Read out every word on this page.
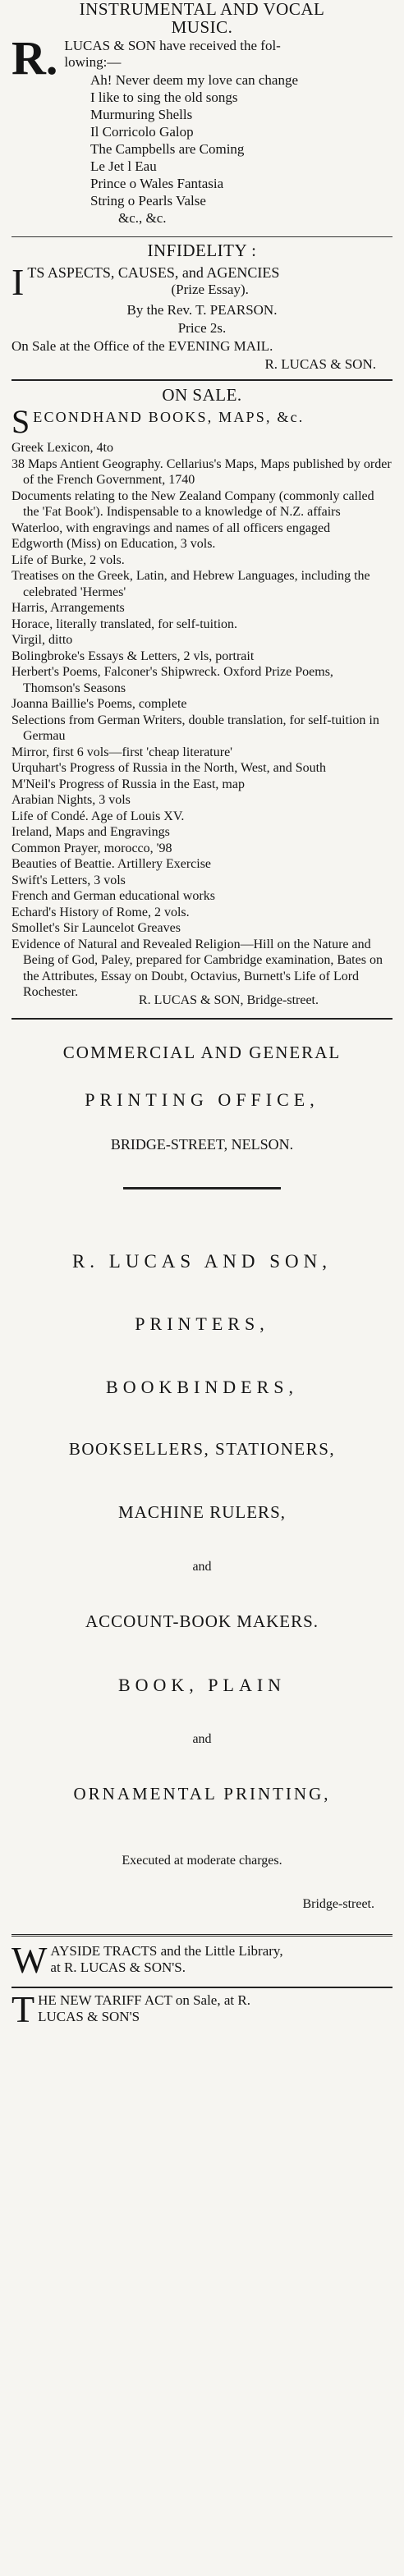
INSTRUMENTAL AND VOCAL
MUSIC.
R. LUCAS & SON have received the fol-
lowing:—
Ah! Never deem my love can change
I like to sing the old songs
Murmuring Shells
Il Corricolo Galop
The Campbells are Coming
Le Jet l Eau
Prince o Wales Fantasia
String o Pearls Valse
&c., &c.
INFIDELITY :
I TS ASPECTS, CAUSES, and AGENCIES
(Prize Essay).
By the Rev. T. PEARSON.
Price 2s.
On Sale at the Office of the EVENING MAIL.
R. LUCAS & SON.
ON SALE.
S ECONDHAND BOOKS, MAPS, &c.
Greek Lexicon, 4to
38 Maps Antient Geography. Cellarius's Maps, Maps published by order of the French Government, 1740
Documents relating to the New Zealand Company (commonly called the 'Fat Book'). Indispensable to a knowledge of N.Z. affairs
Waterloo, with engravings and names of all officers engaged
Edgworth (Miss) on Education, 3 vols.
Life of Burke, 2 vols.
Treatises on the Greek, Latin, and Hebrew Languages, including the celebrated 'Hermes'
Harris, Arrangements
Horace, literally translated, for self-tuition.
Virgil, ditto
Bolingbroke's Essays & Letters, 2 vls, portrait
Herbert's Poems, Falconer's Shipwreck. Oxford Prize Poems, Thomson's Seasons
Joanna Baillie's Poems, complete
Selections from German Writers, double translation, for self-tuition in Germau
Mirror, first 6 vols—first 'cheap literature'
Urquhart's Progress of Russia in the North, West, and South
M'Neil's Progress of Russia in the East, map
Arabian Nights, 3 vols
Life of Condé. Age of Louis XV.
Ireland, Maps and Engravings
Common Prayer, morocco, '98
Beauties of Beattie. Artillery Exercise
Swift's Letters, 3 vols
French and German educational works
Echard's History of Rome, 2 vols.
Smollet's Sir Launcelot Greaves
Evidence of Natural and Revealed Religion—Hill on the Nature and Being of God, Paley, prepared for Cambridge examination, Bates on the Attributes, Essay on Doubt, Octavius, Burnett's Life of Lord Rochester.
R. LUCAS & SON, Bridge-street.
COMMERCIAL AND GENERAL
PRINTING OFFICE,
BRIDGE-STREET, NELSON.
R. LUCAS AND SON,
PRINTERS,
BOOKBINDERS,
BOOKSELLERS, STATIONERS,
MACHINE RULERS,
and
ACCOUNT-BOOK MAKERS.
BOOK, PLAIN
and
ORNAMENTAL PRINTING,
Executed at moderate charges.
Bridge-street.
W AYSIDE TRACTS and the Little Library,
at R. LUCAS & SON'S.
T HE NEW TARIFF ACT on Sale, at R.
LUCAS & SON'S
